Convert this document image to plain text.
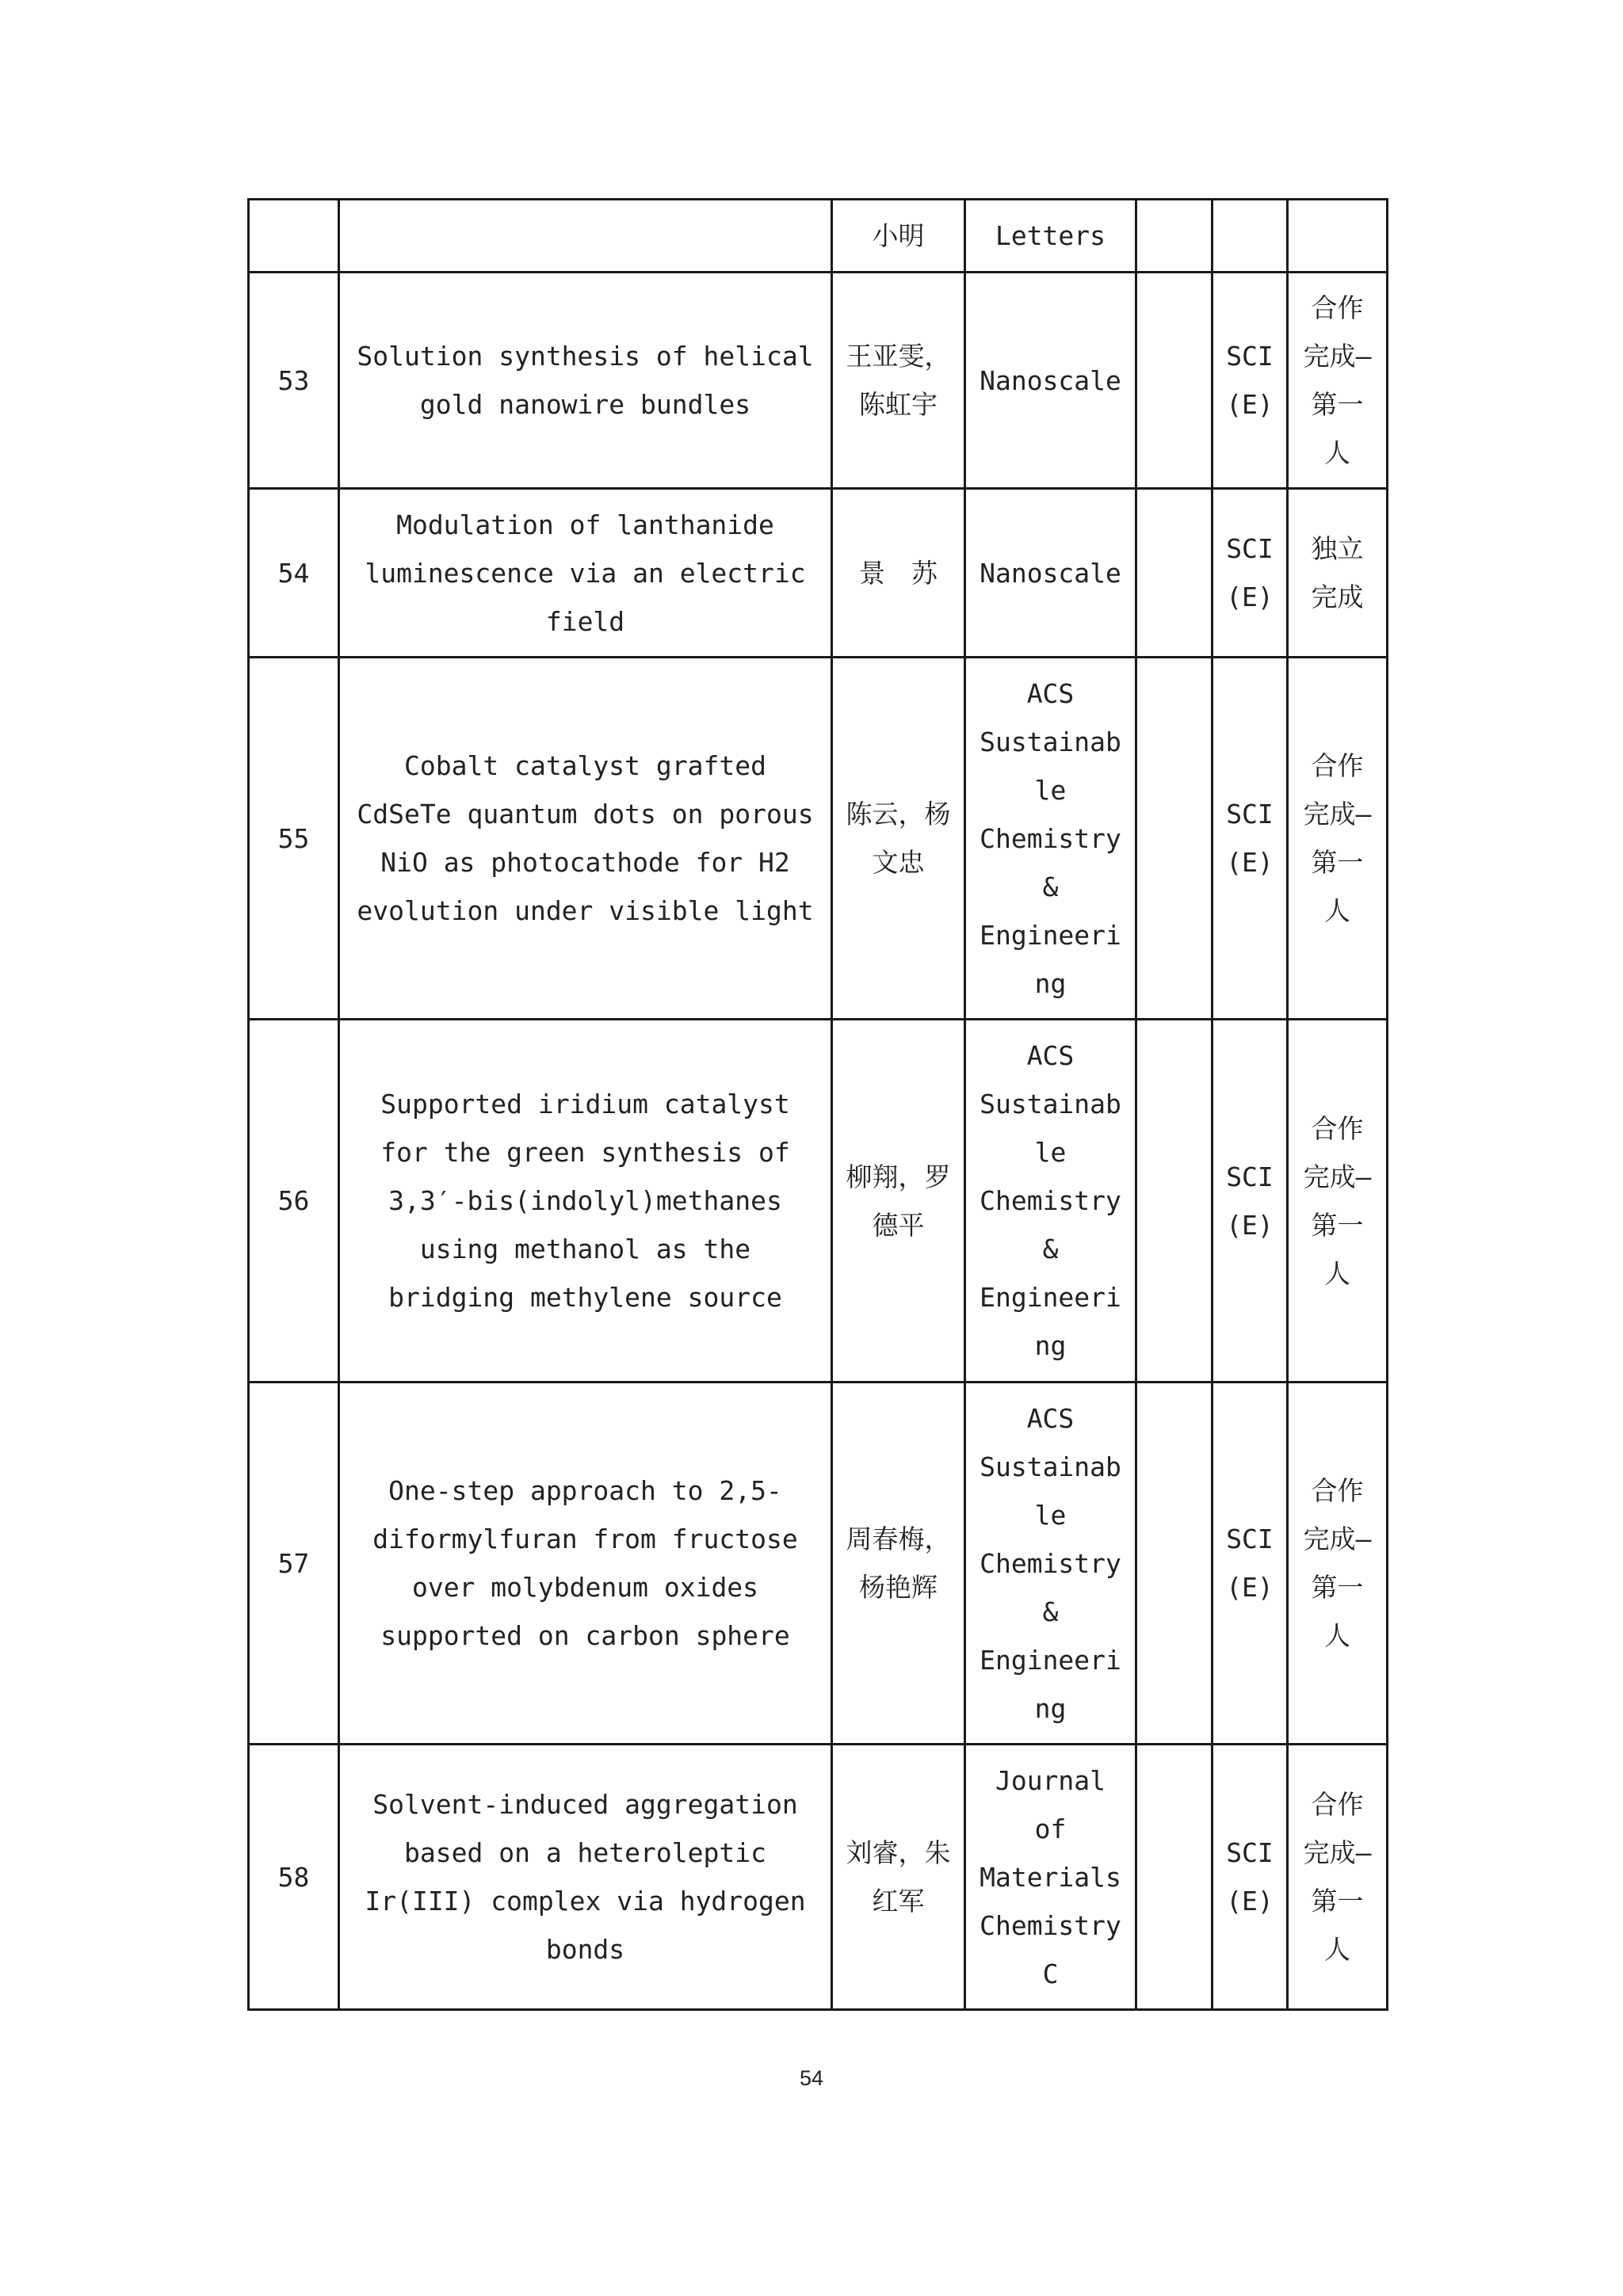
		小明	Letters			
53	Solution synthesis of helical gold nanowire bundles	王亚雯，陈虹宇	Nanoscale		SCI (E)	合作完成—第一人
54	Modulation of lanthanide luminescence via an electric field	景　苏	Nanoscale		SCI (E)	独立完成
55	Cobalt catalyst grafted CdSeTe quantum dots on porous NiO as photocathode for H2 evolution under visible light	陈云，杨文忠	ACS Sustainable Chemistry & Engineering		SCI (E)	合作完成—第一人
56	Supported iridium catalyst for the green synthesis of 3,3′-bis(indolyl)methanes using methanol as the bridging methylene source	柳翔，罗德平	ACS Sustainable Chemistry & Engineering		SCI (E)	合作完成—第一人
57	One-step approach to 2,5-diformylfuran from fructose over molybdenum oxides supported on carbon sphere	周春梅，杨艳辉	ACS Sustainable Chemistry & Engineering		SCI (E)	合作完成—第一人
58	Solvent-induced aggregation based on a heteroleptic Ir(III) complex via hydrogen bonds	刘睿，朱红军	Journal of Materials Chemistry C		SCI (E)	合作完成—第一人
54
